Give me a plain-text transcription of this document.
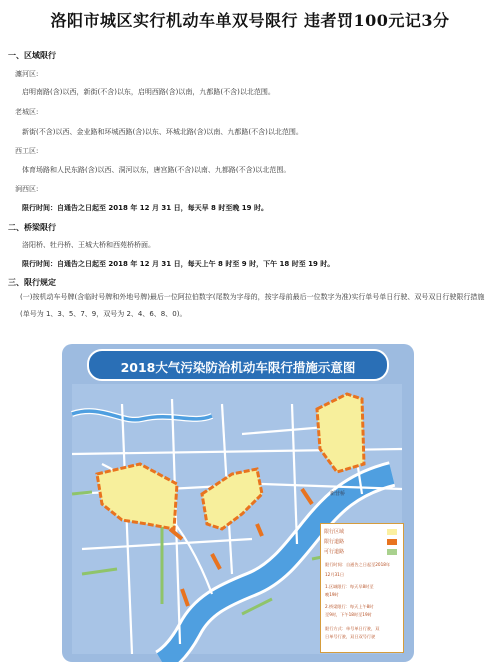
洛阳市城区实行机动车单双号限行 违者罚100元记3分
一、区域限行
瀍河区:
启明南路(含)以西，新街(不含)以东，启明西路(含)以南，九都路(不含)以北范围。
老城区:
新街(不含)以西、金业路和环城西路(含)以东、环城北路(含)以南、九都路(不含)以北范围。
西工区:
体育场路和人民东路(含)以西、洞河以东，唐宫路(不含)以南、九都路(不含)以北范围。
涧西区:
限行时间：自通告之日起至 2018 年 12 月 31 日，每天早 8 时至晚 19 时。
二、桥梁限行
洛阳桥、牡丹桥、王城大桥和西苑桥桥面。
限行时间：自通告之日起至 2018 年 12 月 31 日，每天上午 8 时至 9 时，下午 18 时至 19 时。
三、限行规定
(一)按机动车号牌(含临时号牌和外地号牌)最后一位阿拉伯数字(尾数为字母的，按字母前最后一位数字为准)实行单号单日行驶、双号双日行驶限行措施(单号为 1、3、5、7、9，双号为 2、4、6、8、0)。
2018大气污染防治机动车限行措施示意图
新营桥
限行区域
限行道路
可行道路
限行时间：自通告之日起至2018年
12月31日
1.区域限行：每天早8时至
晚19时
2.桥梁限行：每天上午8时
至9时，下午18时至19时
限行方式：单号单日行驶，双
日单号行驶，双日双号行驶
